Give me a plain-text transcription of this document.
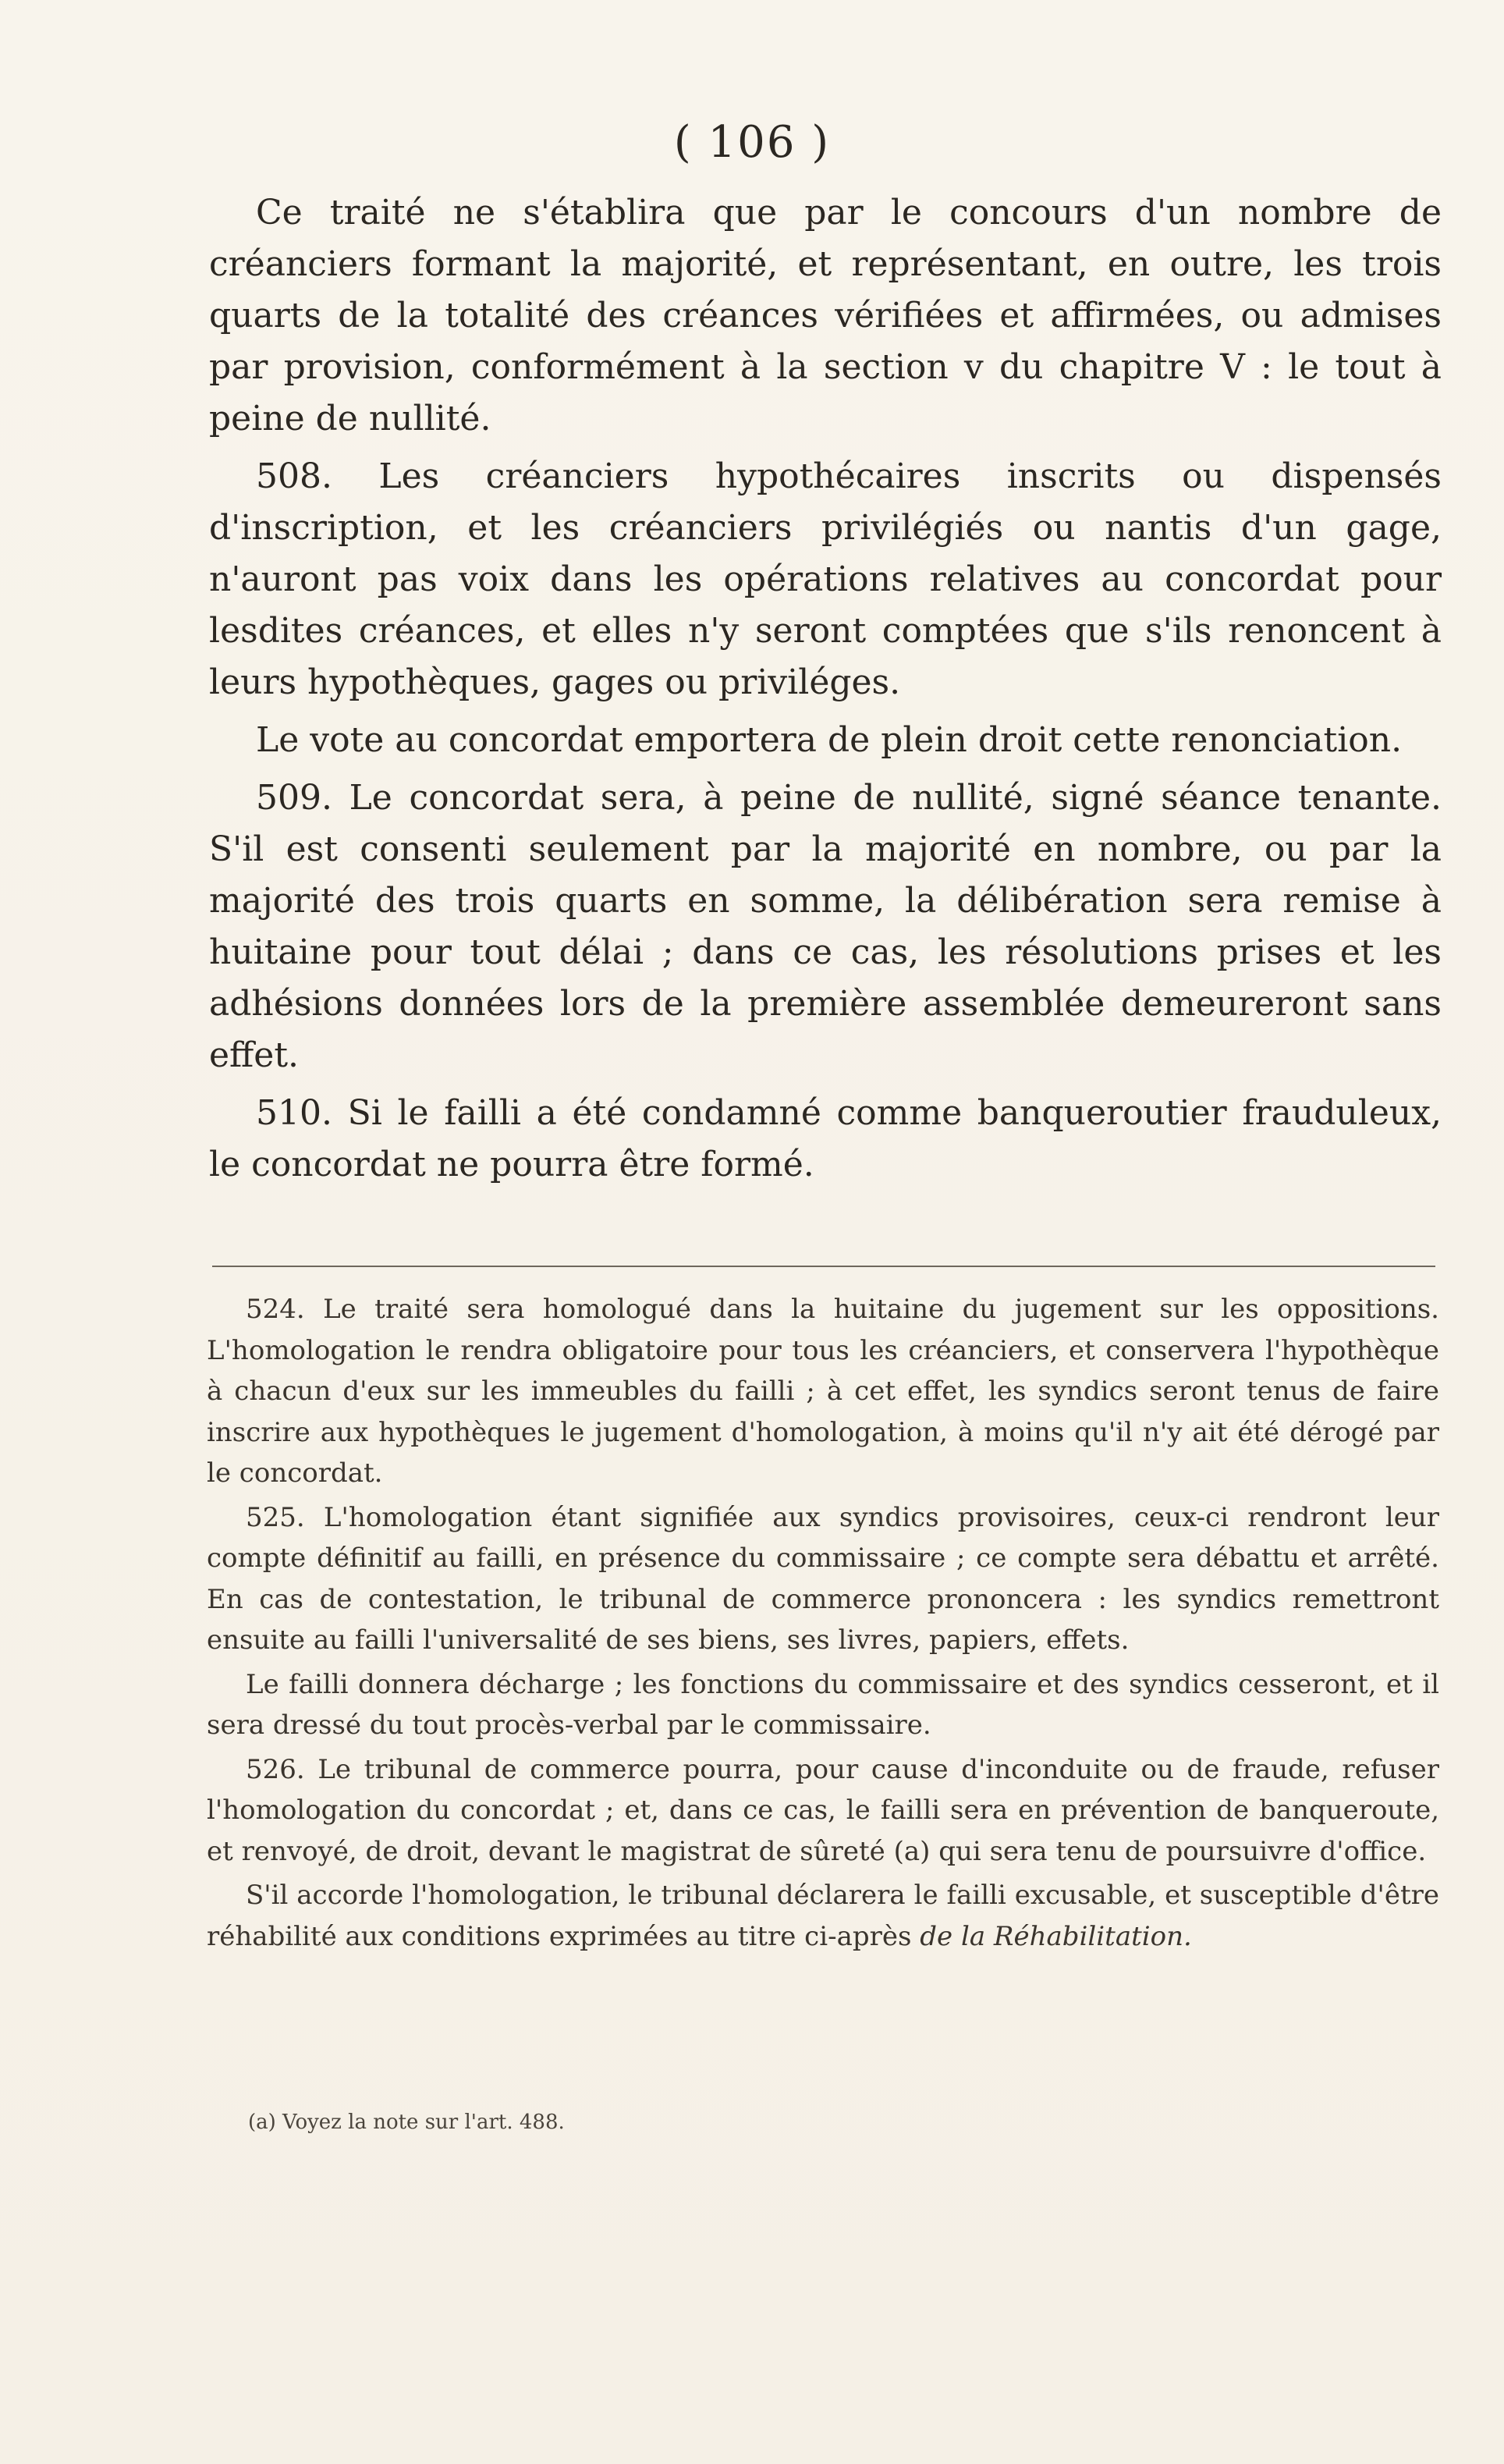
( 106 )

Ce traité ne s'établira que par le concours d'un nombre de créanciers formant la majorité, et représentant, en outre, les trois quarts de la totalité des créances vérifiées et affirmées, ou admises par provision, conformément à la section v du chapitre V : le tout à peine de nullité.

508. Les créanciers hypothécaires inscrits ou dispensés d'inscription, et les créanciers privilégiés ou nantis d'un gage, n'auront pas voix dans les opérations relatives au concordat pour lesdites créances, et elles n'y seront comptées que s'ils renoncent à leurs hypothèques, gages ou priviléges.

Le vote au concordat emportera de plein droit cette renonciation.

509. Le concordat sera, à peine de nullité, signé séance tenante. S'il est consenti seulement par la majorité en nombre, ou par la majorité des trois quarts en somme, la délibération sera remise à huitaine pour tout délai ; dans ce cas, les résolutions prises et les adhésions données lors de la première assemblée demeureront sans effet.

510. Si le failli a été condamné comme banqueroutier frauduleux, le concordat ne pourra être formé.

524. Le traité sera homologué dans la huitaine du jugement sur les oppositions. L'homologation le rendra obligatoire pour tous les créanciers, et conservera l'hypothèque à chacun d'eux sur les immeubles du failli ; à cet effet, les syndics seront tenus de faire inscrire aux hypothèques le jugement d'homologation, à moins qu'il n'y ait été dérogé par le concordat.

525. L'homologation étant signifiée aux syndics provisoires, ceux-ci rendront leur compte définitif au failli, en présence du commissaire ; ce compte sera débattu et arrêté. En cas de contestation, le tribunal de commerce prononcera : les syndics remettront ensuite au failli l'universalité de ses biens, ses livres, papiers, effets.

Le failli donnera décharge ; les fonctions du commissaire et des syndics cesseront, et il sera dressé du tout procès-verbal par le commissaire.

526. Le tribunal de commerce pourra, pour cause d'inconduite ou de fraude, refuser l'homologation du concordat ; et, dans ce cas, le failli sera en prévention de banqueroute, et renvoyé, de droit, devant le magistrat de sûreté (a) qui sera tenu de poursuivre d'office.

S'il accorde l'homologation, le tribunal déclarera le failli excusable, et susceptible d'être réhabilité aux conditions exprimées au titre ci-après de la Réhabilitation.

(a) Voyez la note sur l'art. 488.
